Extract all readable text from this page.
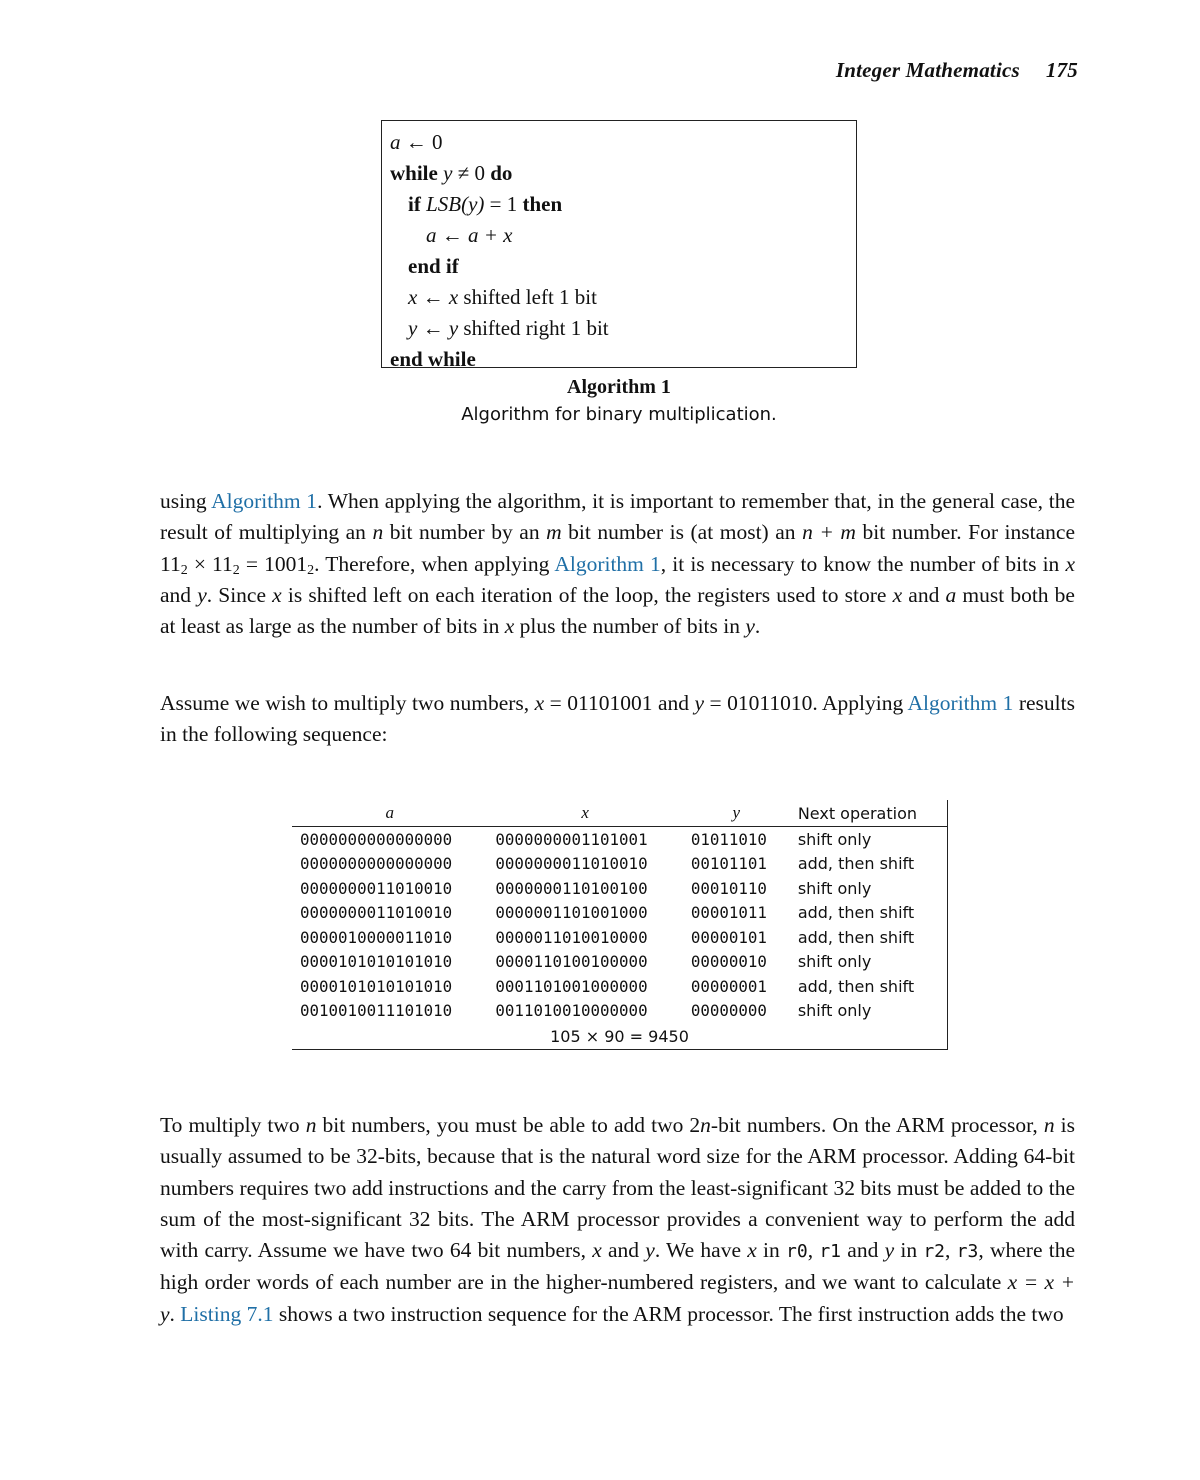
Integer Mathematics 175
a ← 0
while y ≠ 0 do
if LSB(y) = 1 then
a ← a + x
end if
x ← x shifted left 1 bit
y ← y shifted right 1 bit
end while
Algorithm 1
Algorithm for binary multiplication.

using Algorithm 1. When applying the algorithm, it is important to remember that, in the general case, the result of multiplying an n bit number by an m bit number is (at most) an n + m bit number. For instance $11_2 \times 11_2 = 1001_2$. Therefore, when applying Algorithm 1, it is necessary to know the number of bits in x and y. Since x is shifted left on each iteration of the loop, the registers used to store x and a must both be at least as large as the number of bits in x plus the number of bits in y.

Assume we wish to multiply two numbers, x = 01101001 and y = 01011010. Applying Algorithm 1 results in the following sequence:

a	x	y	Next operation
0000000000000000	0000000001101001	01011010	shift only
0000000000000000	0000000011010010	00101101	add, then shift
0000000011010010	0000000110100100	00010110	shift only
0000000011010010	0000001101001000	00001011	add, then shift
0000010000011010	0000011010010000	00000101	add, then shift
0000101010101010	0000110100100000	00000010	shift only
0000101010101010	0001101001000000	00000001	add, then shift
0010010011101010	0011010010000000	00000000	shift only
105 × 90 = 9450			

To multiply two n bit numbers, you must be able to add two 2n-bit numbers. On the ARM processor, n is usually assumed to be 32-bits, because that is the natural word size for the ARM processor. Adding 64-bit numbers requires two add instructions and the carry from the least-significant 32 bits must be added to the sum of the most-significant 32 bits. The ARM processor provides a convenient way to perform the add with carry. Assume we have two 64 bit numbers, x and y. We have x in r0, r1 and y in r2, r3, where the high order words of each number are in the higher-numbered registers, and we want to calculate x = x + y. Listing 7.1 shows a two instruction sequence for the ARM processor. The first instruction adds the two
